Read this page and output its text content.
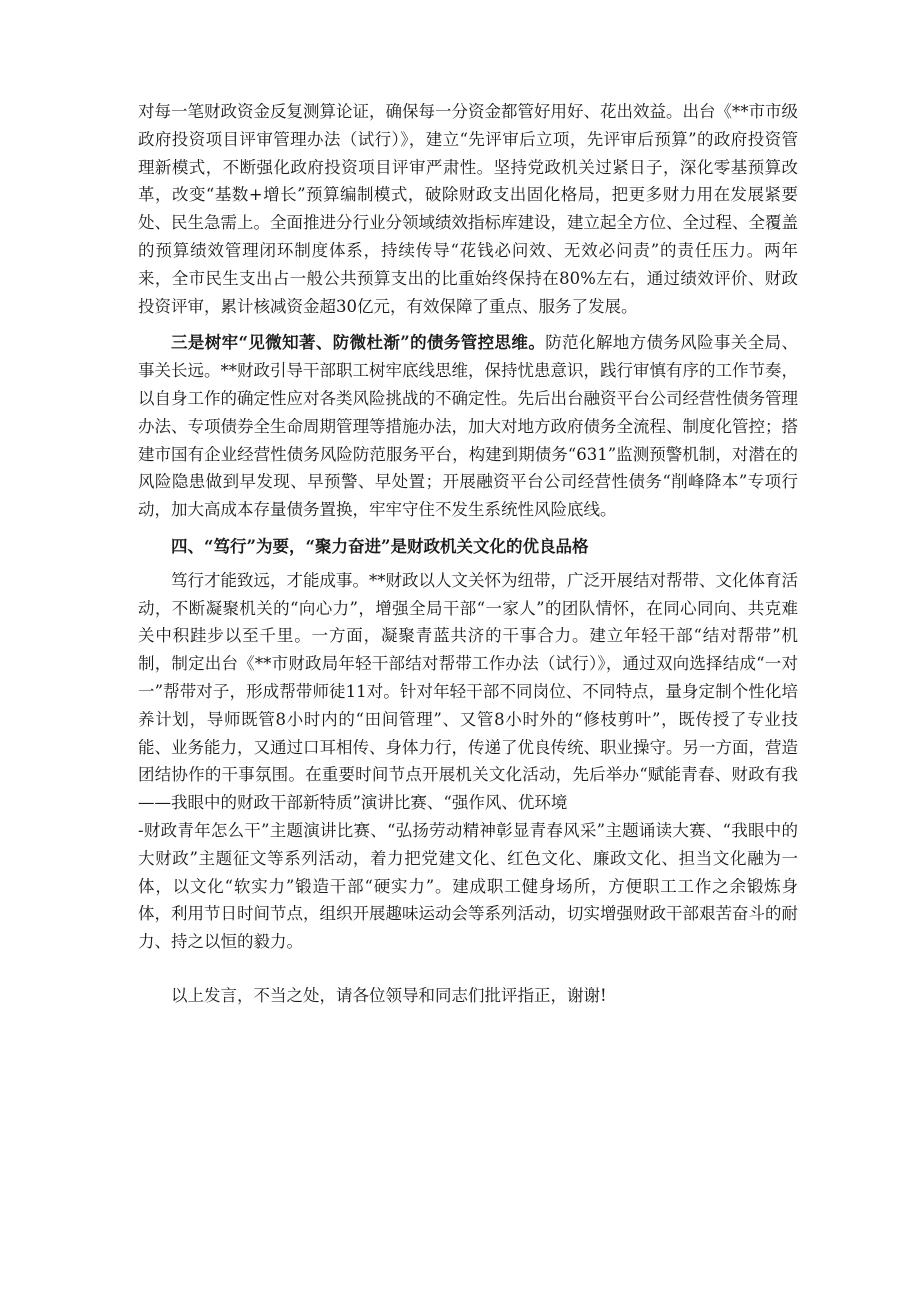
对每一笔财政资金反复测算论证，确保每一分资金都管好用好、花出效益。出台《**市市级政府投资项目评审管理办法（试行）》，建立“先评审后立项，先评审后预算”的政府投资管理新模式，不断强化政府投资项目评审严肃性。坚持党政机关过紧日子，深化零基预算改革，改变“基数+增长”预算编制模式，破除财政支出固化格局，把更多财力用在发展紧要处、民生急需上。全面推进分行业分领域绩效指标库建设，建立起全方位、全过程、全覆盖的预算绩效管理闭环制度体系，持续传导“花钱必问效、无效必问责”的责任压力。两年来，全市民生支出占一般公共预算支出的比重始终保持在80%左右，通过绩效评价、财政投资评审，累计核减资金超30亿元，有效保障了重点、服务了发展。

三是树牢“见微知著、防微杜渐”的债务管控思维。防范化解地方债务风险事关全局、事关长远。**财政引导干部职工树牢底线思维，保持忧患意识，践行审慎有序的工作节奏，以自身工作的确定性应对各类风险挑战的不确定性。先后出台融资平台公司经营性债务管理办法、专项债券全生命周期管理等措施办法，加大对地方政府债务全流程、制度化管控；搭建市国有企业经营性债务风险防范服务平台，构建到期债务“631”监测预警机制，对潜在的风险隐患做到早发现、早预警、早处置；开展融资平台公司经营性债务“削峰降本”专项行动，加大高成本存量债务置换，牢牢守住不发生系统性风险底线。

四、“笃行”为要，“聚力奋进”是财政机关文化的优良品格

笃行才能致远，才能成事。**财政以人文关怀为纽带，广泛开展结对帮带、文化体育活动，不断凝聚机关的“向心力”，增强全局干部“一家人”的团队情怀，在同心同向、共克难关中积跬步以至千里。一方面，凝聚青蓝共济的干事合力。建立年轻干部“结对帮带”机制，制定出台《**市财政局年轻干部结对帮带工作办法（试行）》，通过双向选择结成“一对一”帮带对子，形成帮带师徒11对。针对年轻干部不同岗位、不同特点，量身定制个性化培养计划，导师既管8小时内的“田间管理”、又管8小时外的“修枝剪叶”，既传授了专业技能、业务能力，又通过口耳相传、身体力行，传递了优良传统、职业操守。另一方面，营造团结协作的干事氛围。在重要时间节点开展机关文化活动，先后举办“赋能青春、财政有我——我眼中的财政干部新特质”演讲比赛、“强作风、优环境

-财政青年怎么干”主题演讲比赛、“弘扬劳动精神彰显青春风采”主题诵读大赛、“我眼中的大财政”主题征文等系列活动，着力把党建文化、红色文化、廉政文化、担当文化融为一体，以文化“软实力”锻造干部“硬实力”。建成职工健身场所，方便职工工作之余锻炼身体，利用节日时间节点，组织开展趣味运动会等系列活动，切实增强财政干部艰苦奋斗的耐力、持之以恒的毅力。

以上发言，不当之处，请各位领导和同志们批评指正，谢谢!
